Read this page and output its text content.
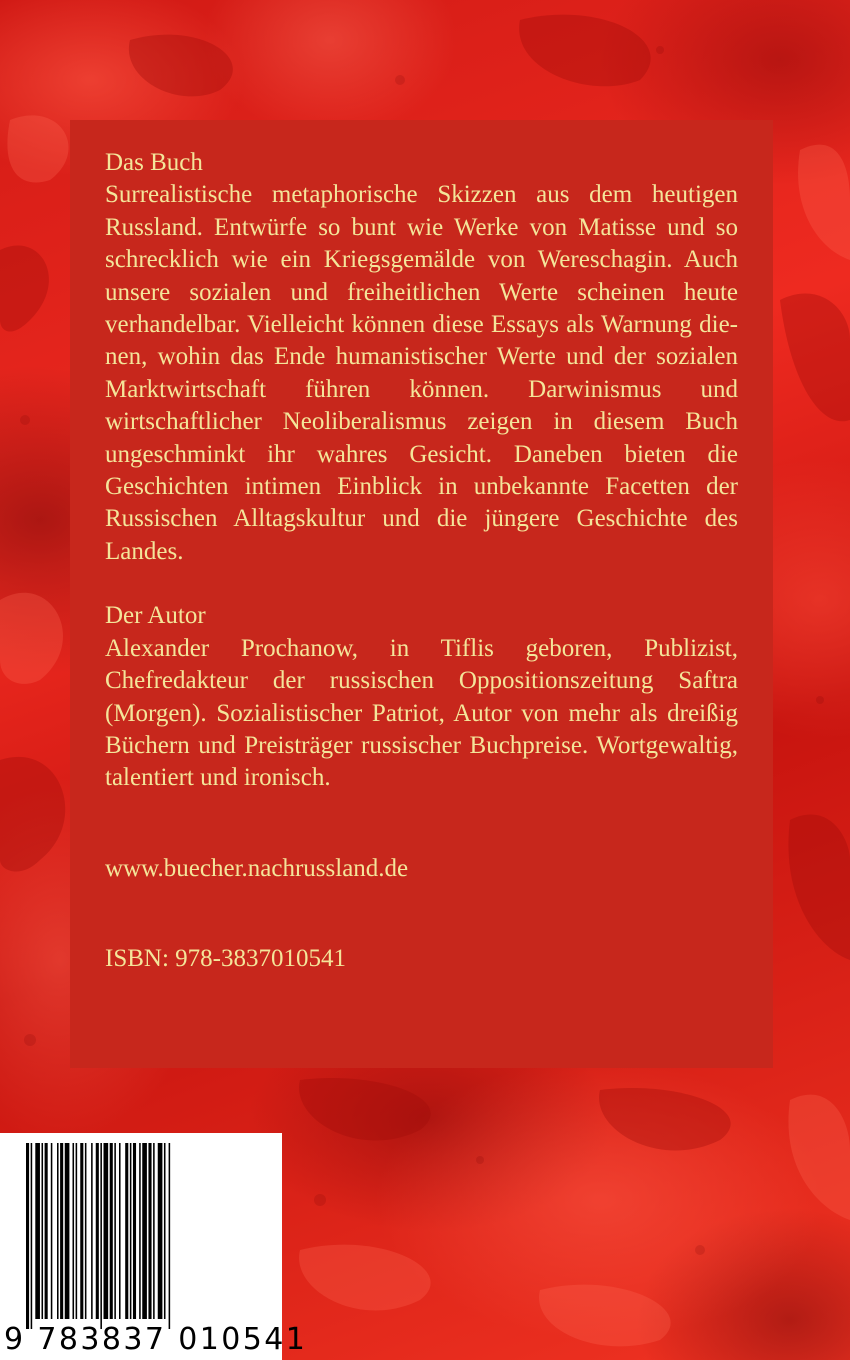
Das Buch

Surrealistische metaphorische Skizzen aus dem heutigen Russland. Entwürfe so bunt wie Werke von Matisse und so schrecklich wie ein Kriegsgemälde von Wereschagin. Auch unsere sozialen und freiheitlichen Werte scheinen heute verhandelbar. Vielleicht können diese Essays als Warnung dienen, wohin das Ende humanistischer Werte und der sozialen Marktwirtschaft führen können. Darwinismus und wirtschaftlicher Neoliberalismus zeigen in diesem Buch ungeschminkt ihr wahres Gesicht. Daneben bieten die Geschichten intimen Einblick in unbekannte Facetten der Russischen Alltagskultur und die jüngere Geschichte des Landes.

Der Autor

Alexander Prochanow, in Tiflis geboren, Publizist, Chefredakteur der russischen Oppositionszeitung Saftra (Morgen). Sozialistischer Patriot, Autor von mehr als dreißig Büchern und Preisträger russischer Buchpreise. Wortgewaltig, talentiert und ironisch.

www.buecher.nachrussland.de
ISBN: 978-3837010541
9 783837 010541
